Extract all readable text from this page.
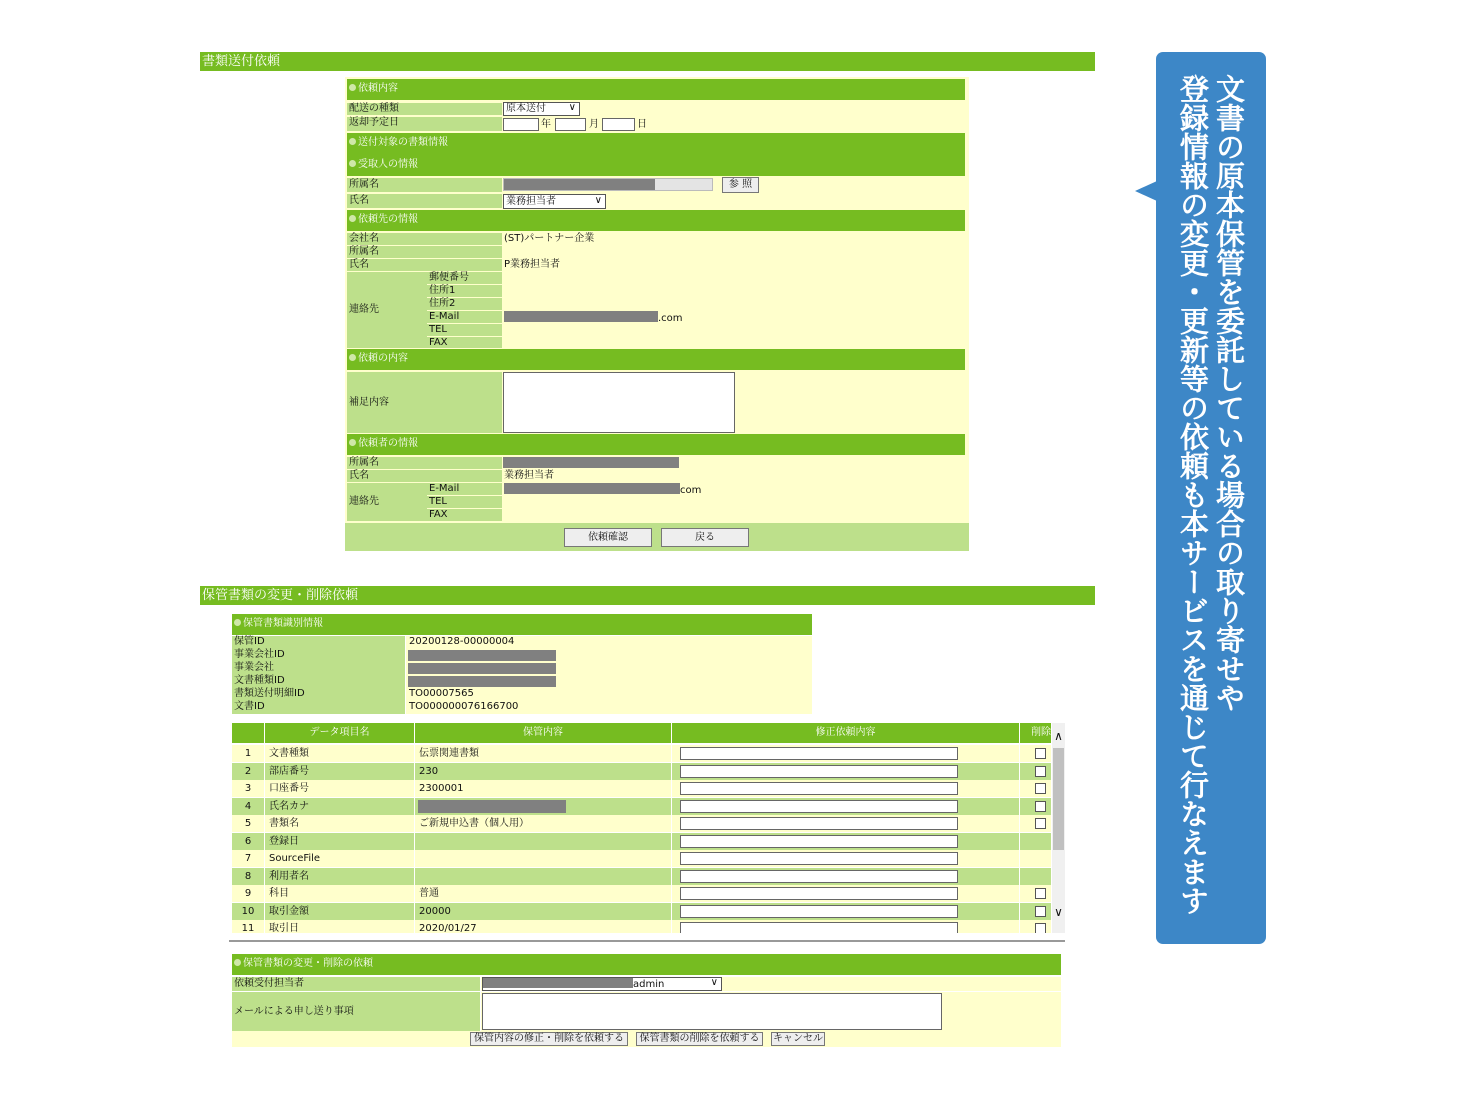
書類送付依頼
依頼内容
配送の種類	原本送付 ∨
返却予定日	年	月	日
送付対象の書類情報
受取人の情報
所属名	参 照
氏名	業務担当者	∨
依頼先の情報
会社名	(ST)パートナー企業
所属名
氏名	P業務担当者
連絡先
郵便番号
住所1
住所2
E-Mail	.com
TEL
FAX
依頼の内容
補足内容
依頼者の情報
所属名
氏名	業務担当者
連絡先
E-Mail	com
TEL
FAX
依頼確認	戻る
保管書類の変更・削除依頼
保管書類識別情報
保管ID	20200128-00000004
事業会社ID
事業会社
文書種類ID
書類送付明細ID	TO00007565
文書ID	TO000000076166700
データ項目名	保管内容	修正依頼内容	削除
1	文書種類	伝票関連書類
2	部店番号	230
3	口座番号	2300001
4	氏名カナ
5	書類名	ご新規申込書（個人用）
6	登録日
7	SourceFile
8	利用者名
9	科目	普通
10	取引金額	20000
11	取引日	2020/01/27
∧
∨
保管書類の変更・削除の依頼
依頼受付担当者	admin	∨
メールによる申し送り事項
保管内容の修正・削除を依頼する	保管書類の削除を依頼する	キャンセル
文書の原本保管を委託している場合の取り寄せや
登録情報の変更・更新等の依頼も本サービスを通じて行なえます
